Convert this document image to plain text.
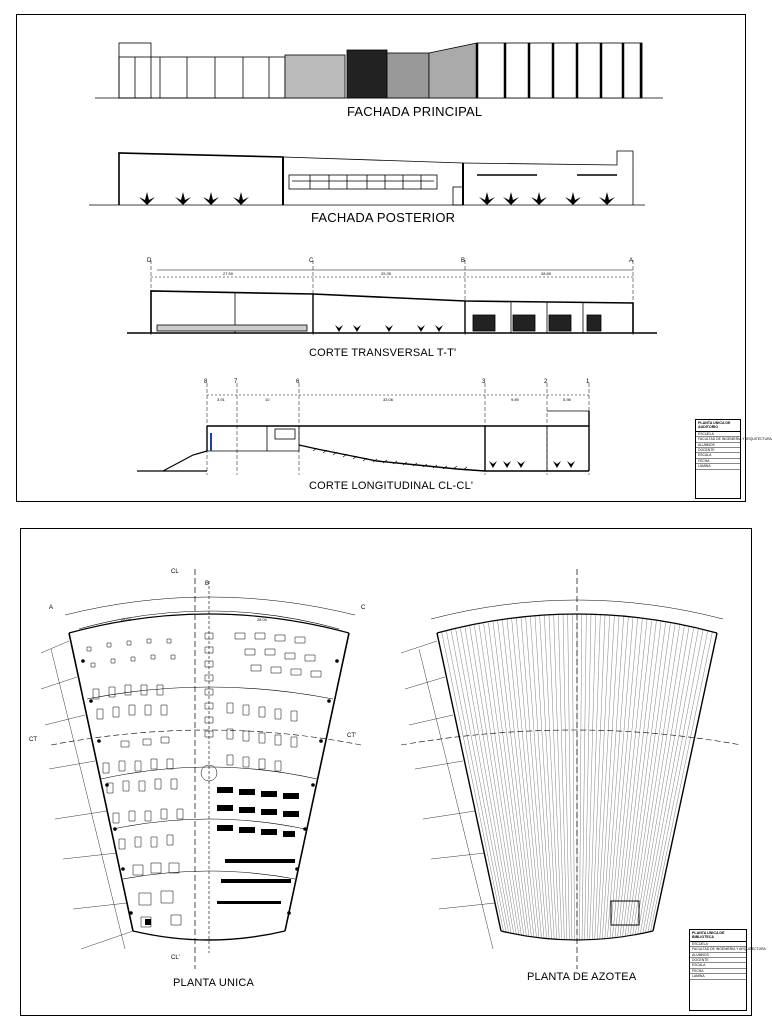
FACHADA PRINCIPAL
FACHADA POSTERIOR
CORTE TRANSVERSAL T-T'
CORTE LONGITUDINAL CL-CL'
D	C	B	A
27.50	25.35	28.89
8	7	6	3	2	1
3.91	10	33.06	9.89	5.98
PLANTA UNICA DE AUDITORIO
ESCUELA
FACULTAD DE INGENIERIA Y ARQUITECTURA
ALUMNOS
DOCENTE
ESCALA
FECHA
LAMINA
PLANTA UNICA	PLANTA DE AZOTEA
CL
B
A	C
CT
CT'
CL'
28.00	28.00
PLANTA UNICA DE BIBLIOTECA
ESCUELA
FACULTAD DE INGENIERIA Y ARQUITECTURA
ALUMNOS
DOCENTE
ESCALA
FECHA
LAMINA
